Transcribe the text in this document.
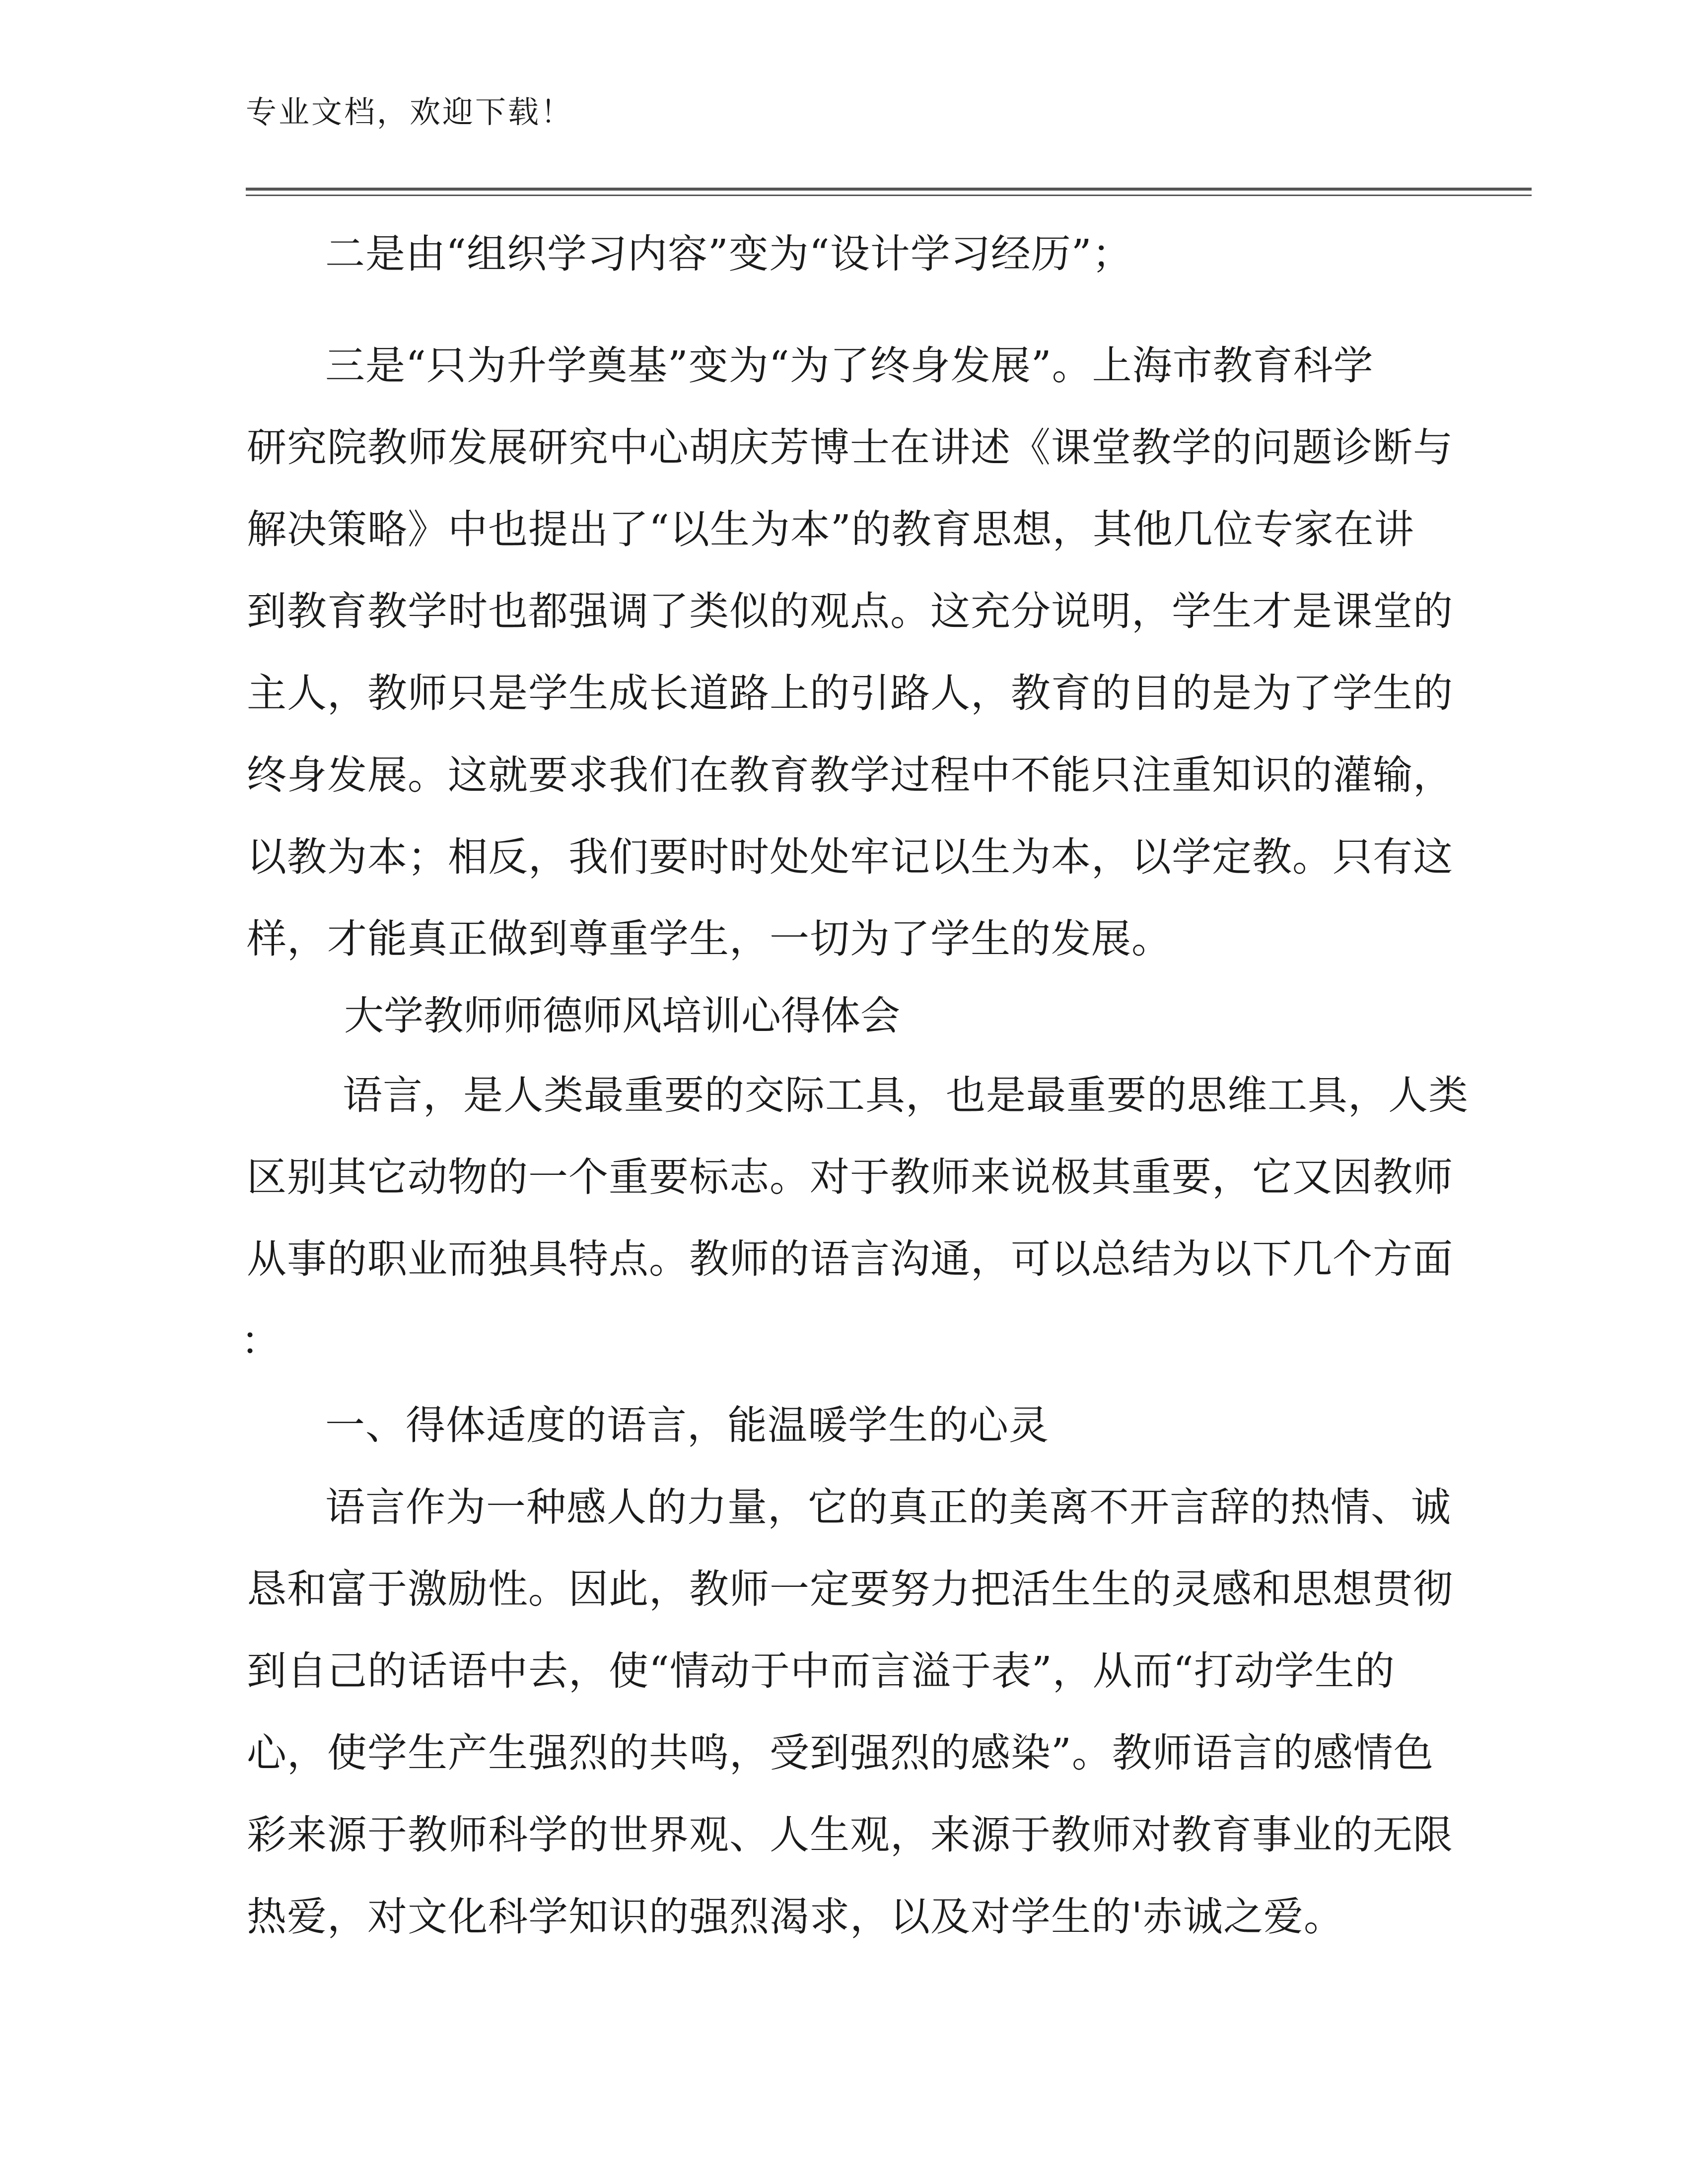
专业文档，欢迎下载！
二是由“组织学习内容”变为“设计学习经历”；
三是“只为升学奠基”变为“为了终身发展”。上海市教育科学
研究院教师发展研究中心胡庆芳博士在讲述《课堂教学的问题诊断与
解决策略》中也提出了“以生为本”的教育思想，其他几位专家在讲
到教育教学时也都强调了类似的观点。这充分说明，学生才是课堂的
主人，教师只是学生成长道路上的引路人，教育的目的是为了学生的
终身发展。这就要求我们在教育教学过程中不能只注重知识的灌输，
以教为本；相反，我们要时时处处牢记以生为本，以学定教。只有这
样，才能真正做到尊重学生，一切为了学生的发展。
大学教师师德师风培训心得体会
语言，是人类最重要的交际工具，也是最重要的思维工具，人类
区别其它动物的一个重要标志。对于教师来说极其重要，它又因教师
从事的职业而独具特点。教师的语言沟通，可以总结为以下几个方面
：
一、得体适度的语言，能温暖学生的心灵
语言作为一种感人的力量，它的真正的美离不开言辞的热情、诚
恳和富于激励性。因此，教师一定要努力把活生生的灵感和思想贯彻
到自己的话语中去，使“情动于中而言溢于表”，从而“打动学生的
心，使学生产生强烈的共鸣，受到强烈的感染”。教师语言的感情色
彩来源于教师科学的世界观、人生观，来源于教师对教育事业的无限
热爱，对文化科学知识的强烈渴求，以及对学生的'赤诚之爱。
